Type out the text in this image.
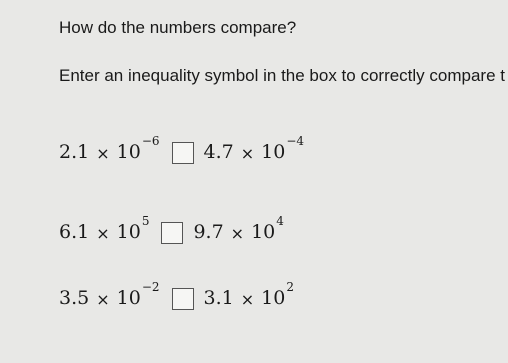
How do the numbers compare?
Enter an inequality symbol in the box to correctly compare t
2.1 × 10 −6 4.7 × 10 −4
6.1 × 10 5 9.7 × 10 4
3.5 × 10 −2 3.1 × 10 2
